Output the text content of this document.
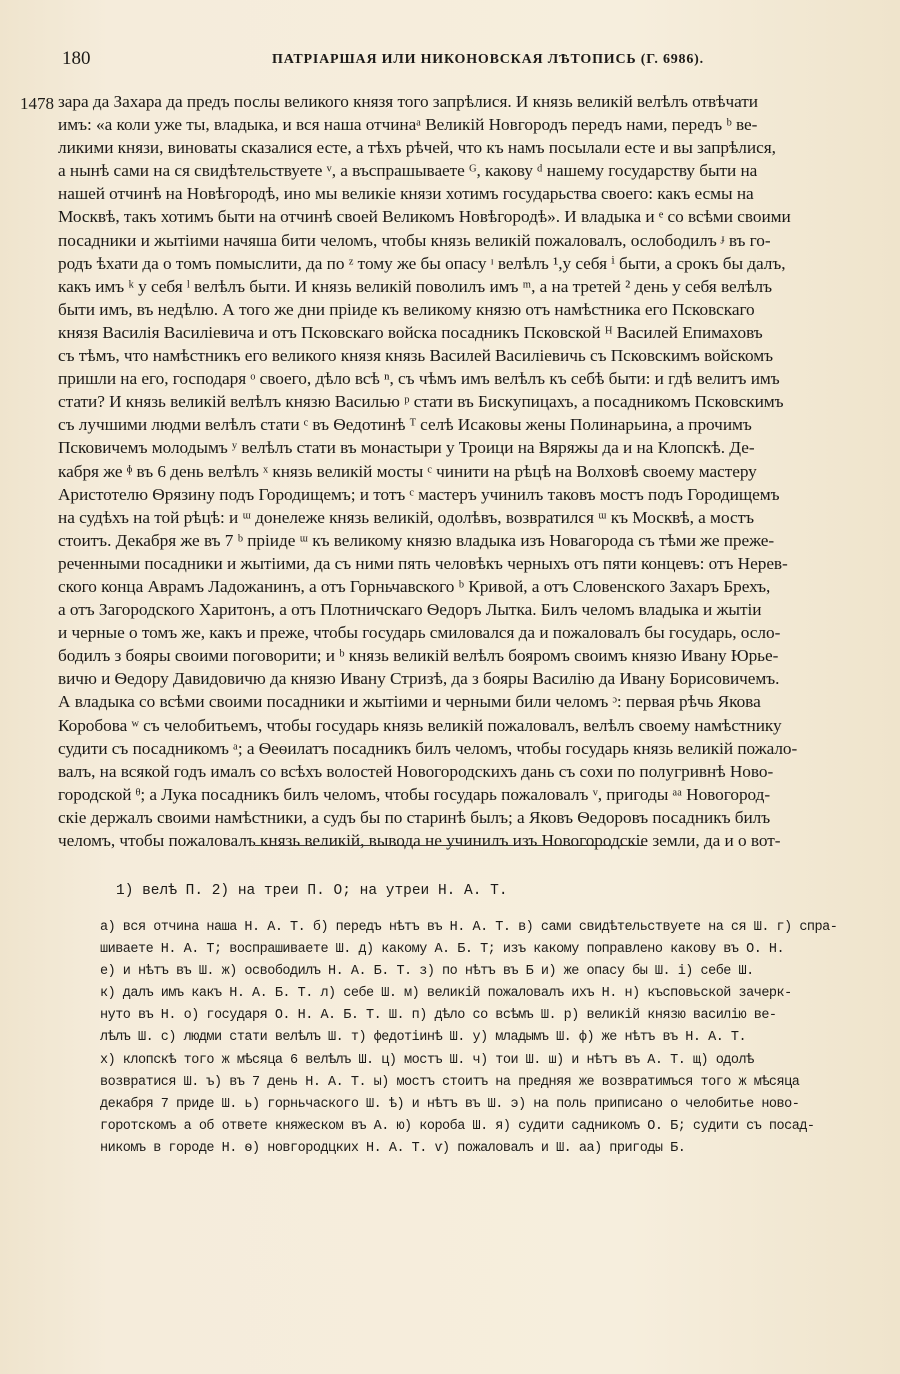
180	ПАТРІАРШАЯ ИЛИ НИКОНОВСКАЯ ЛѢТОПИСЬ (Г. 6986).
1478 зара да Захара да предъ послы великого князя того запрѣлися. И князь великій велѣлъ отвѣчати
имъ: «а коли уже ты, владыка, и вся наша отчинаᵃ Великій Новгородъ передъ нами, передъ ᵇ ве-
ликими князи, виноваты сказалися есте, а тѣхъ рѣчей, что къ намъ посылали есте и вы запрѣлися,
а нынѣ сами на ся свидѣтельствуете ᵛ, а въспрашываете ᴳ, какову ᵈ нашему государству быти на
нашей отчинѣ на Новѣгородѣ, ино мы великіе князи хотимъ государьства своего: какъ есмы на
Москвѣ, такъ хотимъ быти на отчинѣ своей Великомъ Новѣгородѣ». И владыка и ᵉ со всѣми своими
посадники и жытіими начяша бити челомъ, чтобы князь великій пожаловалъ, ослободилъ ᶡ въ го-
родъ ѣхати да о томъ помыслити, да по ᶻ тому же бы опасу ᶦ велѣлъ ¹,у себя ⁱ быти, а срокъ бы далъ,
какъ имъ ᵏ у себя ˡ велѣлъ быти. И князь великій поволилъ имъ ᵐ, а на третей ² день у себя велѣлъ
быти имъ, въ недѣлю. А того же дни пріиде къ великому князю отъ намѣстника его Псковскаго
князя Василія Василіевича и отъ Псковскаго войска посадникъ Псковской ᴴ Василей Епимаховъ
съ тѣмъ, что намѣстникъ его великого князя князь Василей Василіевичь съ Псковскимъ войскомъ
пришли на его, господаря ᵒ своего, дѣло всѣ ⁿ, съ чѣмъ имъ велѣлъ къ себѣ быти: и гдѣ велитъ имъ
стати? И князь великій велѣлъ князю Василью ᵖ стати въ Бискупицахъ, а посадникомъ Псковскимъ
съ лучшими людми велѣлъ стати ᶜ въ Ѳедотинѣ ᵀ селѣ Исаковы жены Полинарьина, а прочимъ
Псковичемъ молодымъ ʸ велѣлъ стати въ монастыри у Троици на Вяряжы да и на Клопскѣ. Де-
кабря же ᶲ въ 6 день велѣлъ ˣ князь великій мосты ᶜ чинити на рѣцѣ на Волховѣ своему мастеру
Аристотелю Ѳрязину подъ Городищемъ; и тотъ ᶜ мастеръ учинилъ таковъ мостъ подъ Городищемъ
на судѣхъ на той рѣцѣ: и ᵚ донележе князь великій, одолѣвъ, возвратился ᵚ къ Москвѣ, а мостъ
стоитъ. Декабря же въ 7 ᵇ пріиде ᵚ къ великому князю владыка изъ Новагорода съ тѣми же преже-
реченными посадники и жытіими, да съ ними пять человѣкъ черныхъ отъ пяти концевъ: отъ Нерев-
ского конца Аврамъ Ладожанинъ, а отъ Горньчавского ᵇ Кривой, а отъ Словенского Захаръ Брехъ,
а отъ Загородского Харитонъ, а отъ Плотничскаго Ѳедоръ Лытка. Билъ челомъ владыка и жытіи
и черные о томъ же, какъ и преже, чтобы государь смиловался да и пожаловалъ бы государь, осло-
бодилъ з бояры своими поговорити; и ᵇ князь великій велѣлъ бояромъ своимъ князю Ивану Юрье-
вичю и Ѳедору Давидовичю да князю Ивану Стризѣ, да з бояры Василію да Ивану Борисовичемъ.
А владыка со всѣми своими посадники и жытіими и черными били челомъ ᵓ: первая рѣчь Якова
Коробова ʷ съ челобитьемъ, чтобы государь князь великій пожаловалъ, велѣлъ своему намѣстнику
судити съ посадникомъ ᵃ; а Ѳеѳилатъ посадникъ билъ челомъ, чтобы государь князь великій пожало-
валъ, на всякой годъ ималъ со всѣхъ волостей Новогородскихъ дань съ сохи по полугривнѣ Ново-
городской ᶿ; а Лука посадникъ билъ челомъ, чтобы государь пожаловалъ ᵛ, пригоды ᵃᵃ Новогород-
скіе держалъ своими намѣстники, а судъ бы по старинѣ былъ; а Яковъ Ѳедоровъ посадникъ билъ
челомъ, чтобы пожаловалъ князь великій, вывода не учинилъ изъ Новогородскіе земли, да и о вот-
1) велѣ П. 2) на треи П. О; на утреи Н. А. Т.
а) вся отчина наша Н. А. Т. б) передъ нѣтъ въ Н. А. Т. в) сами свидѣтельствуете на ся Ш. г) спра-
шиваете Н. А. Т; воспрашиваете Ш. д) какому А. Б. Т; изъ какому поправлено какову въ О. Н.
е) и нѣтъ въ Ш. ж) освободилъ Н. А. Б. Т. з) по нѣтъ въ Б и) же опасу бы Ш. і) себе Ш.
к) далъ имъ какъ Н. А. Б. Т. л) себе Ш. м) великій пожаловалъ ихъ Н. н) късповьской зачерк-
нуто въ Н. о) государя О. Н. А. Б. Т. Ш. п) дѣло со всѣмъ Ш. р) великій князю василію ве-
лѣлъ Ш. с) людми стати велѣлъ Ш. т) федотіинѣ Ш. у) младымъ Ш. ф) же нѣтъ въ Н. А. Т.
х) клопскѣ того ж мѣсяца 6 велѣлъ Ш. ц) мостъ Ш. ч) тои Ш. ш) и нѣтъ въ А. Т. щ) одолѣ
возвратися Ш. ъ) въ 7 день Н. А. Т. ы) мостъ стоитъ на предняя же возвратимъся того ж мѣсяца
декабря 7 приде Ш. ь) горньчаского Ш. ѣ) и нѣтъ въ Ш. э) на поль приписано о челобитье ново-
горотскомъ а об ответе княжеском въ А. ю) короба Ш. я) судити садникомъ О. Б; судити съ посад-
никомъ в городе Н. ѳ) новгородцких Н. А. Т. ѵ) пожаловалъ и Ш. аа) пригоды Б.
